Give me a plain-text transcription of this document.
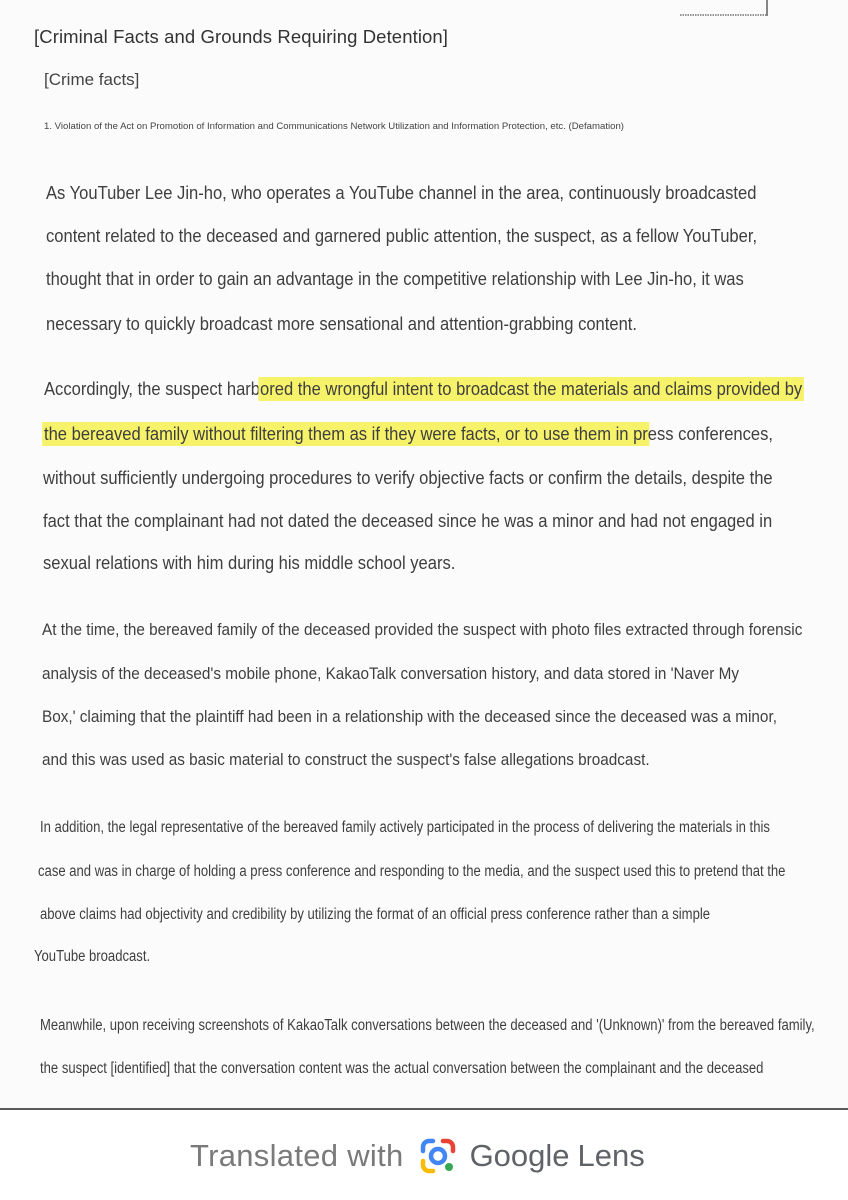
[Criminal Facts and Grounds Requiring Detention]

[Crime facts]

1. Violation of the Act on Promotion of Information and Communications Network Utilization and Information Protection, etc. (Defamation)

As YouTuber Lee Jin-ho, who operates a YouTube channel in the area, continuously broadcasted

content related to the deceased and garnered public attention, the suspect, as a fellow YouTuber,

thought that in order to gain an advantage in the competitive relationship with Lee Jin-ho, it was

necessary to quickly broadcast more sensational and attention-grabbing content.

Accordingly, the suspect harbored the wrongful intent to broadcast the materials and claims provided by

the bereaved family without filtering them as if they were facts, or to use them in press conferences,

without sufficiently undergoing procedures to verify objective facts or confirm the details, despite the

fact that the complainant had not dated the deceased since he was a minor and had not engaged in

sexual relations with him during his middle school years.

At the time, the bereaved family of the deceased provided the suspect with photo files extracted through forensic

analysis of the deceased's mobile phone, KakaoTalk conversation history, and data stored in 'Naver My

Box,' claiming that the plaintiff had been in a relationship with the deceased since the deceased was a minor,

and this was used as basic material to construct the suspect's false allegations broadcast.

In addition, the legal representative of the bereaved family actively participated in the process of delivering the materials in this

case and was in charge of holding a press conference and responding to the media, and the suspect used this to pretend that the

above claims had objectivity and credibility by utilizing the format of an official press conference rather than a simple

YouTube broadcast.

Meanwhile, upon receiving screenshots of KakaoTalk conversations between the deceased and '(Unknown)' from the bereaved family,

the suspect [identified] that the conversation content was the actual conversation between the complainant and the deceased

Translated with Google Lens
